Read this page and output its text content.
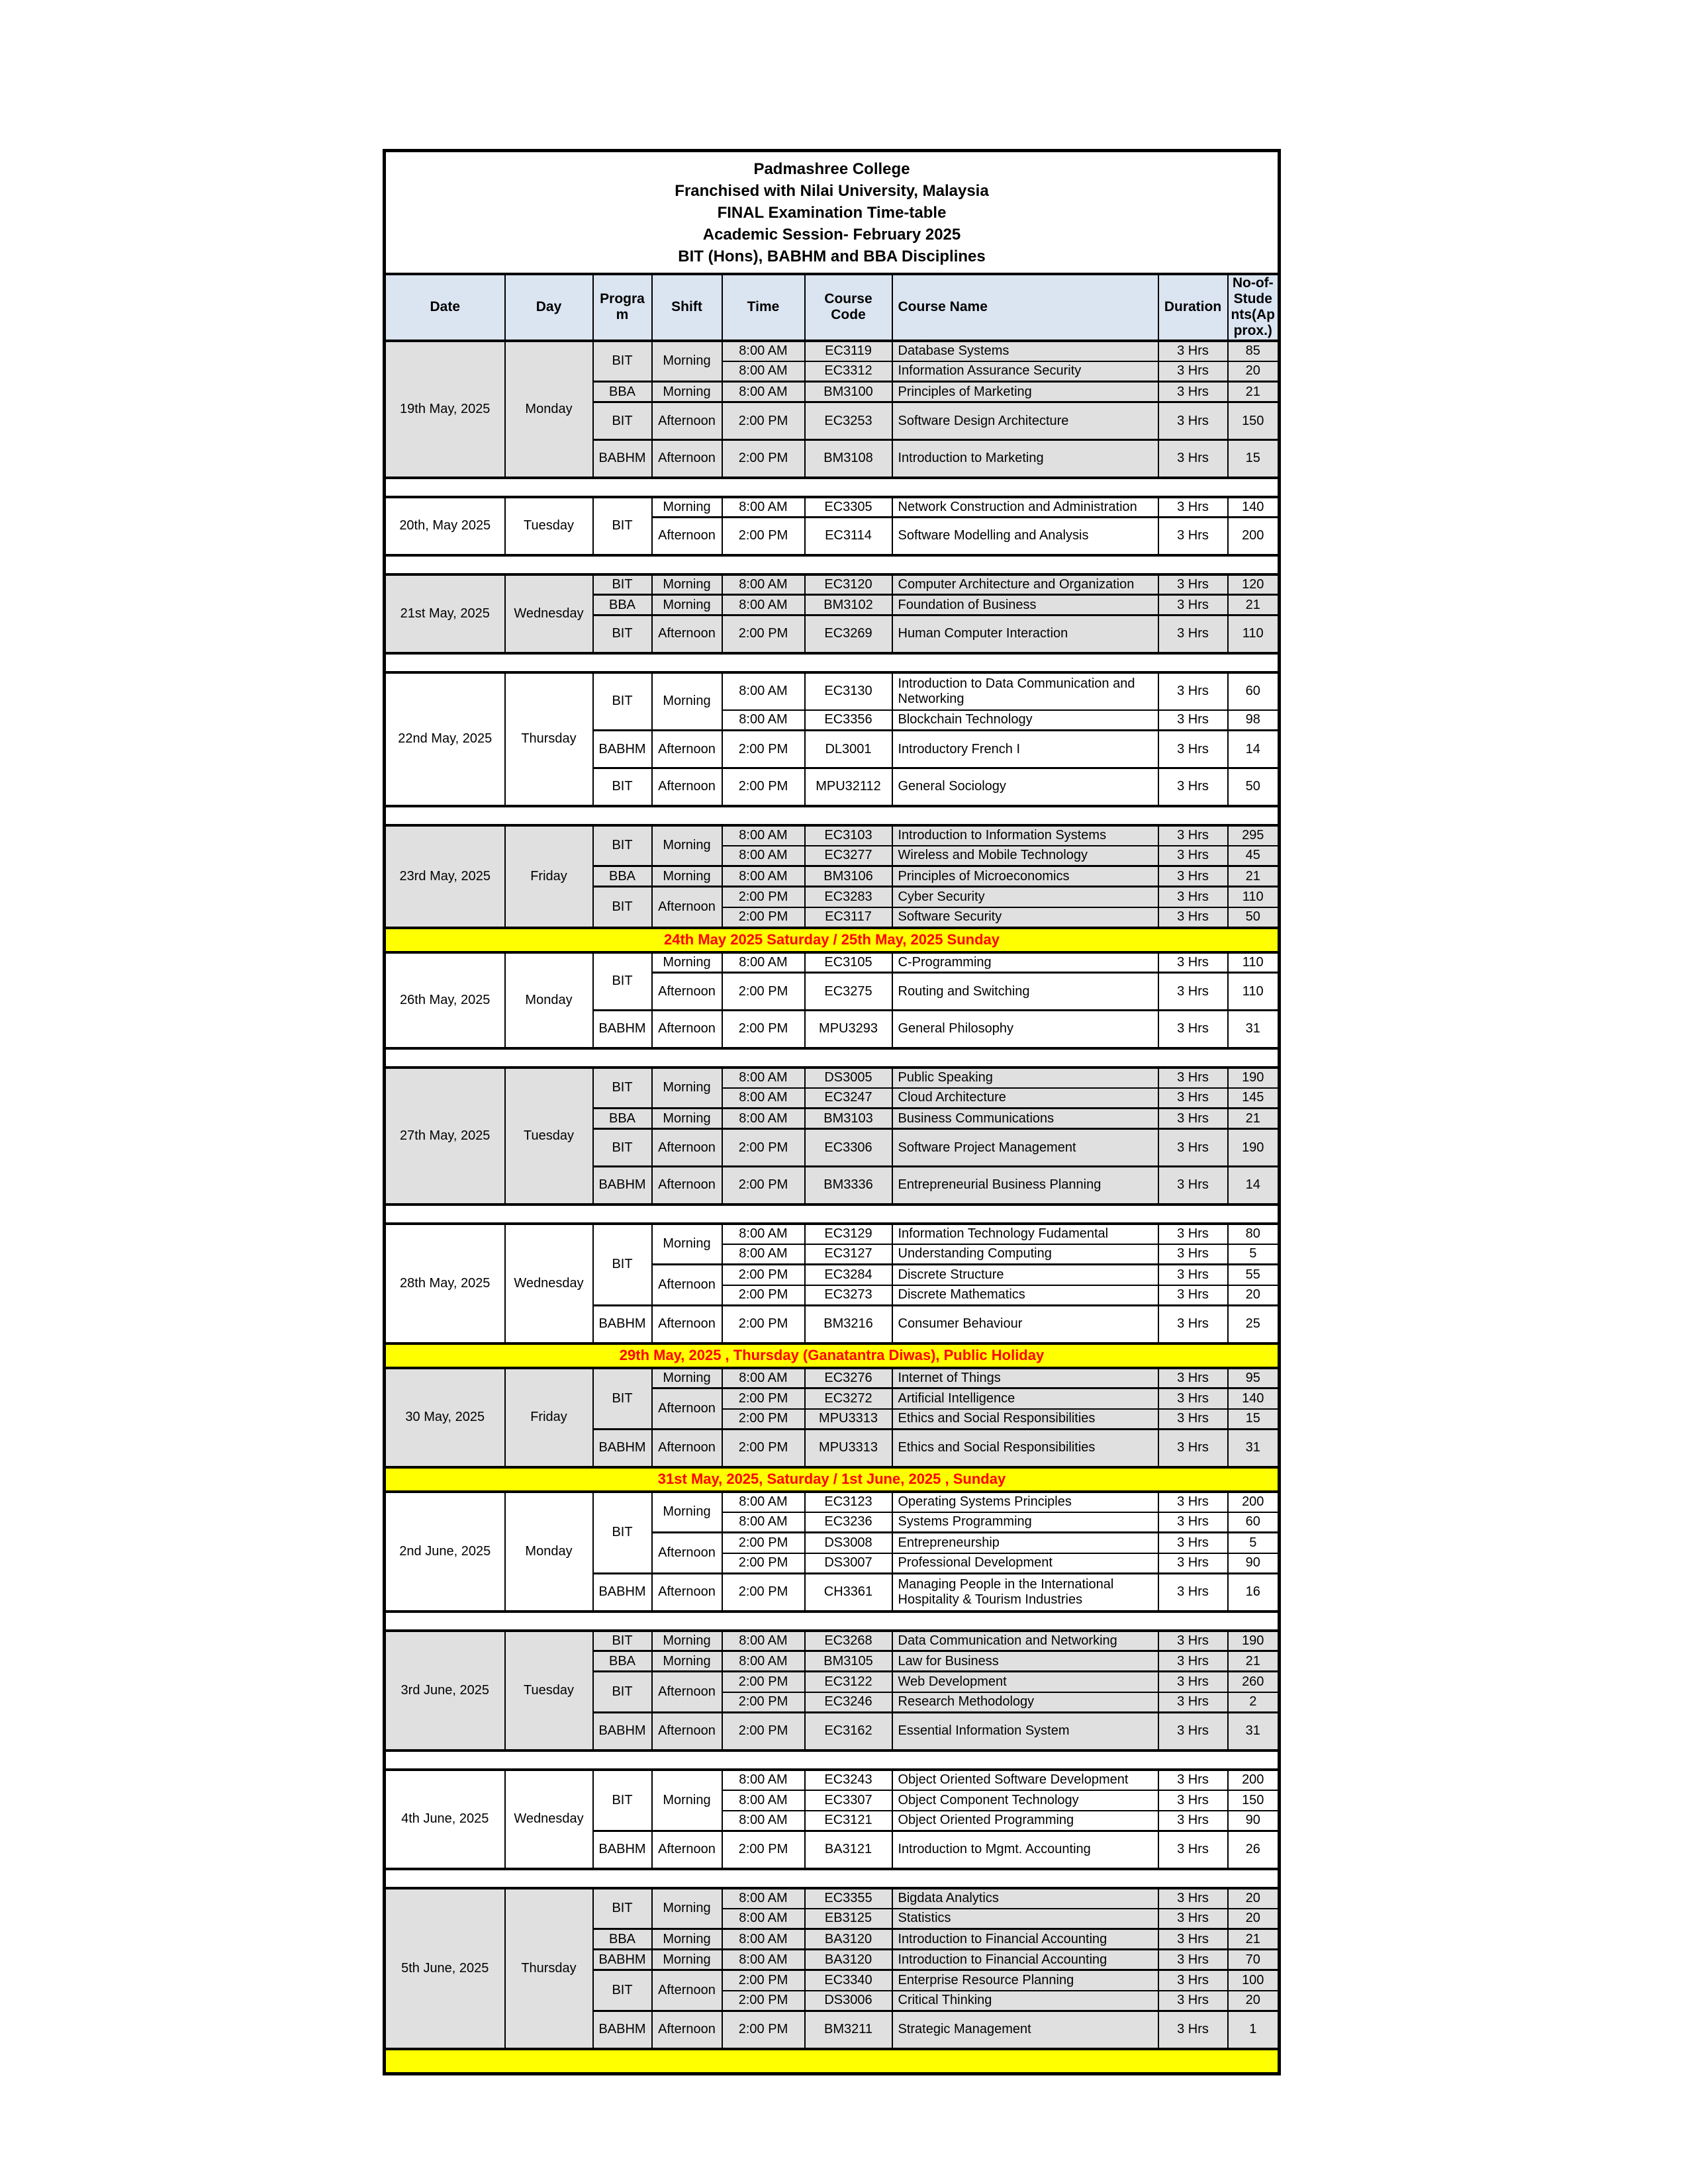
Padmashree College
Franchised with Nilai University, Malaysia
FINAL Examination Time-table
Academic Session- February 2025
BIT (Hons), BABHM and BBA Disciplines								

Date	Day	Program	Shift	Time	Course Code	Course Name	Duration	No-of-Students(Approx.)
19th May, 2025	Monday	BIT	Morning	8:00 AM	EC3119	Database Systems	3 Hrs	85
				8:00 AM	EC3312	Information Assurance Security	3 Hrs	20
		BBA	Morning	8:00 AM	BM3100	Principles of Marketing	3 Hrs	21
		BIT	Afternoon	2:00 PM	EC3253	Software Design Architecture	3 Hrs	150
		BABHM	Afternoon	2:00 PM	BM3108	Introduction to Marketing	3 Hrs	15

20th, May 2025	Tuesday	BIT	Morning	8:00 AM	EC3305	Network Construction and Administration	3 Hrs	140
			Afternoon	2:00 PM	EC3114	Software Modelling and Analysis	3 Hrs	200

21st May, 2025	Wednesday	BIT	Morning	8:00 AM	EC3120	Computer Architecture and Organization	3 Hrs	120
		BBA	Morning	8:00 AM	BM3102	Foundation of Business	3 Hrs	21
		BIT	Afternoon	2:00 PM	EC3269	Human Computer Interaction	3 Hrs	110

22nd May, 2025	Thursday	BIT	Morning	8:00 AM	EC3130	Introduction to Data Communication and Networking	3 Hrs	60
				8:00 AM	EC3356	Blockchain Technology	3 Hrs	98
		BABHM	Afternoon	2:00 PM	DL3001	Introductory French I	3 Hrs	14
		BIT	Afternoon	2:00 PM	MPU32112	General Sociology	3 Hrs	50

23rd May, 2025	Friday	BIT	Morning	8:00 AM	EC3103	Introduction to Information Systems	3 Hrs	295
				8:00 AM	EC3277	Wireless and Mobile Technology	3 Hrs	45
		BBA	Morning	8:00 AM	BM3106	Principles of Microeconomics	3 Hrs	21
		BIT	Afternoon	2:00 PM	EC3283	Cyber Security	3 Hrs	110
				2:00 PM	EC3117	Software Security	3 Hrs	50
24th May 2025 Saturday / 25th May, 2025 Sunday								
26th May, 2025	Monday	BIT	Morning	8:00 AM	EC3105	C-Programming	3 Hrs	110
			Afternoon	2:00 PM	EC3275	Routing and Switching	3 Hrs	110
		BABHM	Afternoon	2:00 PM	MPU3293	General Philosophy	3 Hrs	31

27th May, 2025	Tuesday	BIT	Morning	8:00 AM	DS3005	Public Speaking	3 Hrs	190
				8:00 AM	EC3247	Cloud Architecture	3 Hrs	145
		BBA	Morning	8:00 AM	BM3103	Business Communications	3 Hrs	21
		BIT	Afternoon	2:00 PM	EC3306	Software Project Management	3 Hrs	190
		BABHM	Afternoon	2:00 PM	BM3336	Entrepreneurial Business Planning	3 Hrs	14

28th May, 2025	Wednesday	BIT	Morning	8:00 AM	EC3129	Information Technology Fudamental	3 Hrs	80
				8:00 AM	EC3127	Understanding Computing	3 Hrs	5
			Afternoon	2:00 PM	EC3284	Discrete Structure	3 Hrs	55
				2:00 PM	EC3273	Discrete Mathematics	3 Hrs	20
		BABHM	Afternoon	2:00 PM	BM3216	Consumer Behaviour	3 Hrs	25
29th May, 2025 , Thursday (Ganatantra Diwas), Public Holiday								
30 May, 2025	Friday	BIT	Morning	8:00 AM	EC3276	Internet of Things	3 Hrs	95
			Afternoon	2:00 PM	EC3272	Artificial Intelligence	3 Hrs	140
				2:00 PM	MPU3313	Ethics and Social Responsibilities	3 Hrs	15
		BABHM	Afternoon	2:00 PM	MPU3313	Ethics and Social Responsibilities	3 Hrs	31
31st May, 2025, Saturday / 1st June, 2025 , Sunday								
2nd June, 2025	Monday	BIT	Morning	8:00 AM	EC3123	Operating Systems Principles	3 Hrs	200
				8:00 AM	EC3236	Systems Programming	3 Hrs	60
			Afternoon	2:00 PM	DS3008	Entrepreneurship	3 Hrs	5
				2:00 PM	DS3007	Professional Development	3 Hrs	90
		BABHM	Afternoon	2:00 PM	CH3361	Managing People in the International Hospitality & Tourism Industries	3 Hrs	16

3rd June, 2025	Tuesday	BIT	Morning	8:00 AM	EC3268	Data Communication and Networking	3 Hrs	190
		BBA	Morning	8:00 AM	BM3105	Law for Business	3 Hrs	21
		BIT	Afternoon	2:00 PM	EC3122	Web Development	3 Hrs	260
				2:00 PM	EC3246	Research Methodology	3 Hrs	2
		BABHM	Afternoon	2:00 PM	EC3162	Essential Information System	3 Hrs	31

4th June, 2025	Wednesday	BIT	Morning	8:00 AM	EC3243	Object Oriented Software Development	3 Hrs	200
				8:00 AM	EC3307	Object Component Technology	3 Hrs	150
				8:00 AM	EC3121	Object Oriented Programming	3 Hrs	90
		BABHM	Afternoon	2:00 PM	BA3121	Introduction to Mgmt. Accounting	3 Hrs	26

5th June, 2025	Thursday	BIT	Morning	8:00 AM	EC3355	Bigdata Analytics	3 Hrs	20
				8:00 AM	EB3125	Statistics	3 Hrs	20
		BBA	Morning	8:00 AM	BA3120	Introduction to Financial Accounting	3 Hrs	21
		BABHM	Morning	8:00 AM	BA3120	Introduction to Financial Accounting	3 Hrs	70
		BIT	Afternoon	2:00 PM	EC3340	Enterprise Resource Planning	3 Hrs	100
				2:00 PM	DS3006	Critical Thinking	3 Hrs	20
		BABHM	Afternoon	2:00 PM	BM3211	Strategic Management	3 Hrs	1
